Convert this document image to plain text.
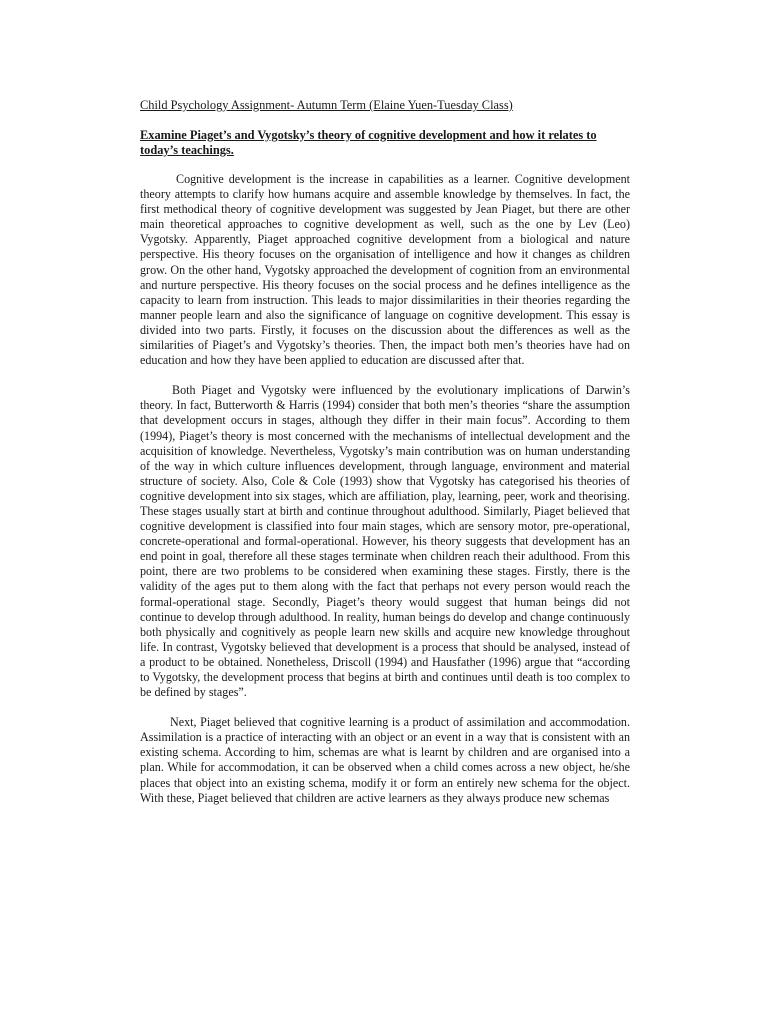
Child Psychology Assignment- Autumn Term (Elaine Yuen-Tuesday Class)
Examine Piaget’s and Vygotsky’s theory of cognitive development and how it relates to today’s teachings.

Cognitive development is the increase in capabilities as a learner. Cognitive development theory attempts to clarify how humans acquire and assemble knowledge by themselves. In fact, the first methodical theory of cognitive development was suggested by Jean Piaget, but there are other main theoretical approaches to cognitive development as well, such as the one by Lev (Leo) Vygotsky. Apparently, Piaget approached cognitive development from a biological and nature perspective. His theory focuses on the organisation of intelligence and how it changes as children grow. On the other hand, Vygotsky approached the development of cognition from an environmental and nurture perspective. His theory focuses on the social process and he defines intelligence as the capacity to learn from instruction. This leads to major dissimilarities in their theories regarding the manner people learn and also the significance of language on cognitive development. This essay is divided into two parts. Firstly, it focuses on the discussion about the differences as well as the similarities of Piaget’s and Vygotsky’s theories. Then, the impact both men’s theories have had on education and how they have been applied to education are discussed after that.

Both Piaget and Vygotsky were influenced by the evolutionary implications of Darwin’s theory. In fact, Butterworth & Harris (1994) consider that both men’s theories “share the assumption that development occurs in stages, although they differ in their main focus”. According to them (1994), Piaget’s theory is most concerned with the mechanisms of intellectual development and the acquisition of knowledge. Nevertheless, Vygotsky’s main contribution was on human understanding of the way in which culture influences development, through language, environment and material structure of society. Also, Cole & Cole (1993) show that Vygotsky has categorised his theories of cognitive development into six stages, which are affiliation, play, learning, peer, work and theorising. These stages usually start at birth and continue throughout adulthood. Similarly, Piaget believed that cognitive development is classified into four main stages, which are sensory motor, pre-operational, concrete-operational and formal-operational. However, his theory suggests that development has an end point in goal, therefore all these stages terminate when children reach their adulthood. From this point, there are two problems to be considered when examining these stages. Firstly, there is the validity of the ages put to them along with the fact that perhaps not every person would reach the formal-operational stage. Secondly, Piaget’s theory would suggest that human beings did not continue to develop through adulthood. In reality, human beings do develop and change continuously both physically and cognitively as people learn new skills and acquire new knowledge throughout life. In contrast, Vygotsky believed that development is a process that should be analysed, instead of a product to be obtained. Nonetheless, Driscoll (1994) and Hausfather (1996) argue that “according to Vygotsky, the development process that begins at birth and continues until death is too complex to be defined by stages”.

Next, Piaget believed that cognitive learning is a product of assimilation and accommodation. Assimilation is a practice of interacting with an object or an event in a way that is consistent with an existing schema. According to him, schemas are what is learnt by children and are organised into a plan. While for accommodation, it can be observed when a child comes across a new object, he/she places that object into an existing schema, modify it or form an entirely new schema for the object. With these, Piaget believed that children are active learners as they always produce new schemas
